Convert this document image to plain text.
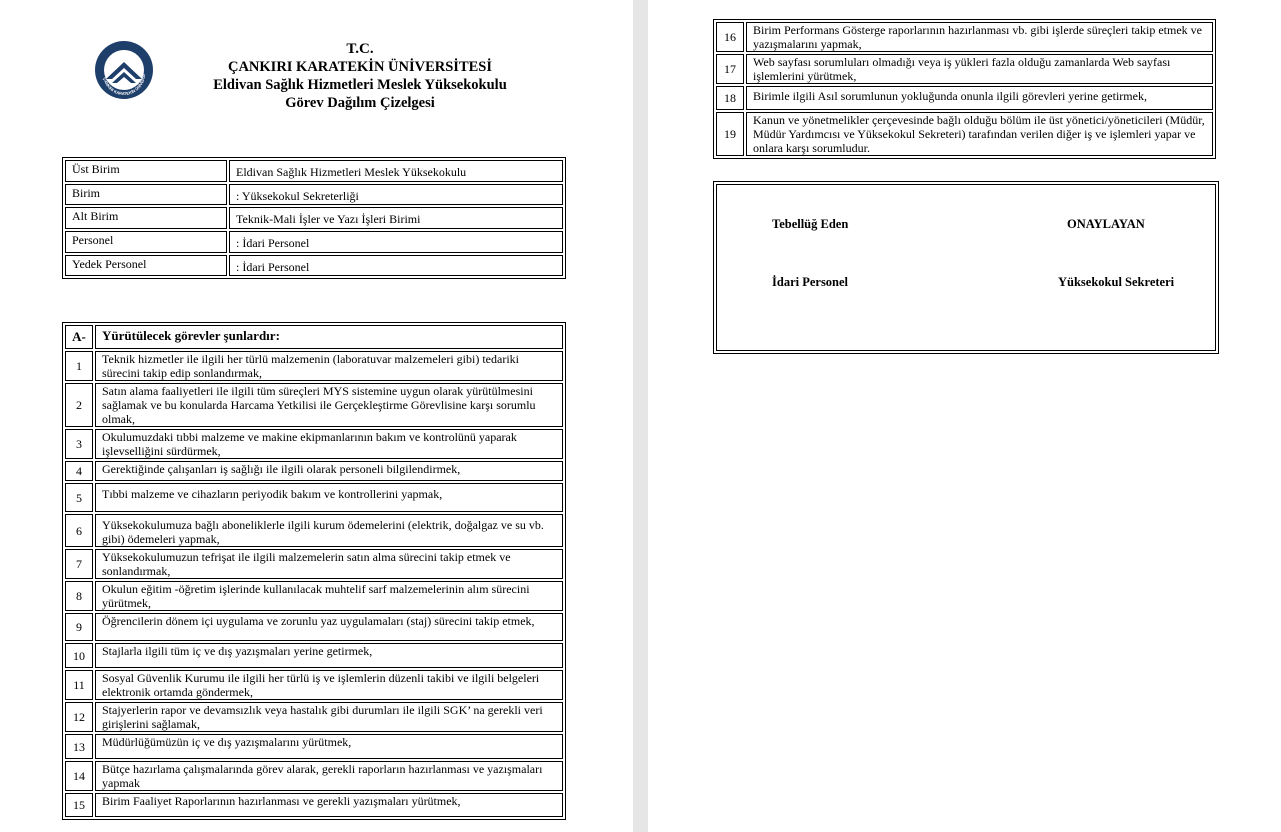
ÇANKIRI KARATEKİN ÜNİVERSİ
T.C.
ÇANKIRI KARATEKİN ÜNİVERSİTESİ
Eldivan Sağlık Hizmetleri Meslek Yüksekokulu
Görev Dağılım Çizelgesi
Üst Birim	Eldivan Sağlık Hizmetleri Meslek Yüksekokulu
Birim	: Yüksekokul Sekreterliği
Alt Birim	Teknik-Mali İşler ve Yazı İşleri Birimi
Personel	: İdari Personel
Yedek Personel	: İdari Personel
A-	Yürütülecek görevler şunlardır:
1	Teknik hizmetler ile ilgili her türlü malzemenin (laboratuvar malzemeleri gibi) tedariki sürecini takip edip sonlandırmak,
2	Satın alama faaliyetleri ile ilgili tüm süreçleri MYS sistemine uygun olarak yürütülmesini sağlamak ve bu konularda Harcama Yetkilisi ile Gerçekleştirme Görevlisine karşı sorumlu olmak,
3	Okulumuzdaki tıbbi malzeme ve makine ekipmanlarının bakım ve kontrolünü yaparak işlevselliğini sürdürmek,
4	Gerektiğinde çalışanları iş sağlığı ile ilgili olarak personeli bilgilendirmek,
5	Tıbbi malzeme ve cihazların periyodik bakım ve kontrollerini yapmak,
6	Yüksekokulumuza bağlı aboneliklerle ilgili kurum ödemelerini (elektrik, doğalgaz ve su vb. gibi) ödemeleri yapmak,
7	Yüksekokulumuzun tefrişat ile ilgili malzemelerin satın alma sürecini takip etmek ve sonlandırmak,
8	Okulun eğitim -öğretim işlerinde kullanılacak muhtelif sarf malzemelerinin alım sürecini yürütmek,
9	Öğrencilerin dönem içi uygulama ve zorunlu yaz uygulamaları (staj) sürecini takip etmek,
10	Stajlarla ilgili tüm iç ve dış yazışmaları yerine getirmek,
11	Sosyal Güvenlik Kurumu ile ilgili her türlü iş ve işlemlerin düzenli takibi ve ilgili belgeleri elektronik ortamda göndermek,
12	Stajyerlerin rapor ve devamsızlık veya hastalık gibi durumları ile ilgili SGK’ na gerekli veri girişlerini sağlamak,
13	Müdürlüğümüzün iç ve dış yazışmalarını yürütmek,
14	Bütçe hazırlama çalışmalarında görev alarak, gerekli raporların hazırlanması ve yazışmaları yapmak
15	Birim Faaliyet Raporlarının hazırlanması ve gerekli yazışmaları yürütmek,
16	Birim Performans Gösterge raporlarının hazırlanması vb. gibi işlerde süreçleri takip etmek ve yazışmalarını yapmak,
17	Web sayfası sorumluları olmadığı veya iş yükleri fazla olduğu zamanlarda Web sayfası işlemlerini yürütmek,
18	Birimle ilgili Asıl sorumlunun yokluğunda onunla ilgili görevleri yerine getirmek,
19	Kanun ve yönetmelikler çerçevesinde bağlı olduğu bölüm ile üst yönetici/yöneticileri (Müdür, Müdür Yardımcısı ve Yüksekokul Sekreteri) tarafından verilen diğer iş ve işlemleri yapar ve onlara karşı sorumludur.
Tebellüğ Eden	ONAYLAYAN
İdari Personel	Yüksekokul Sekreteri
